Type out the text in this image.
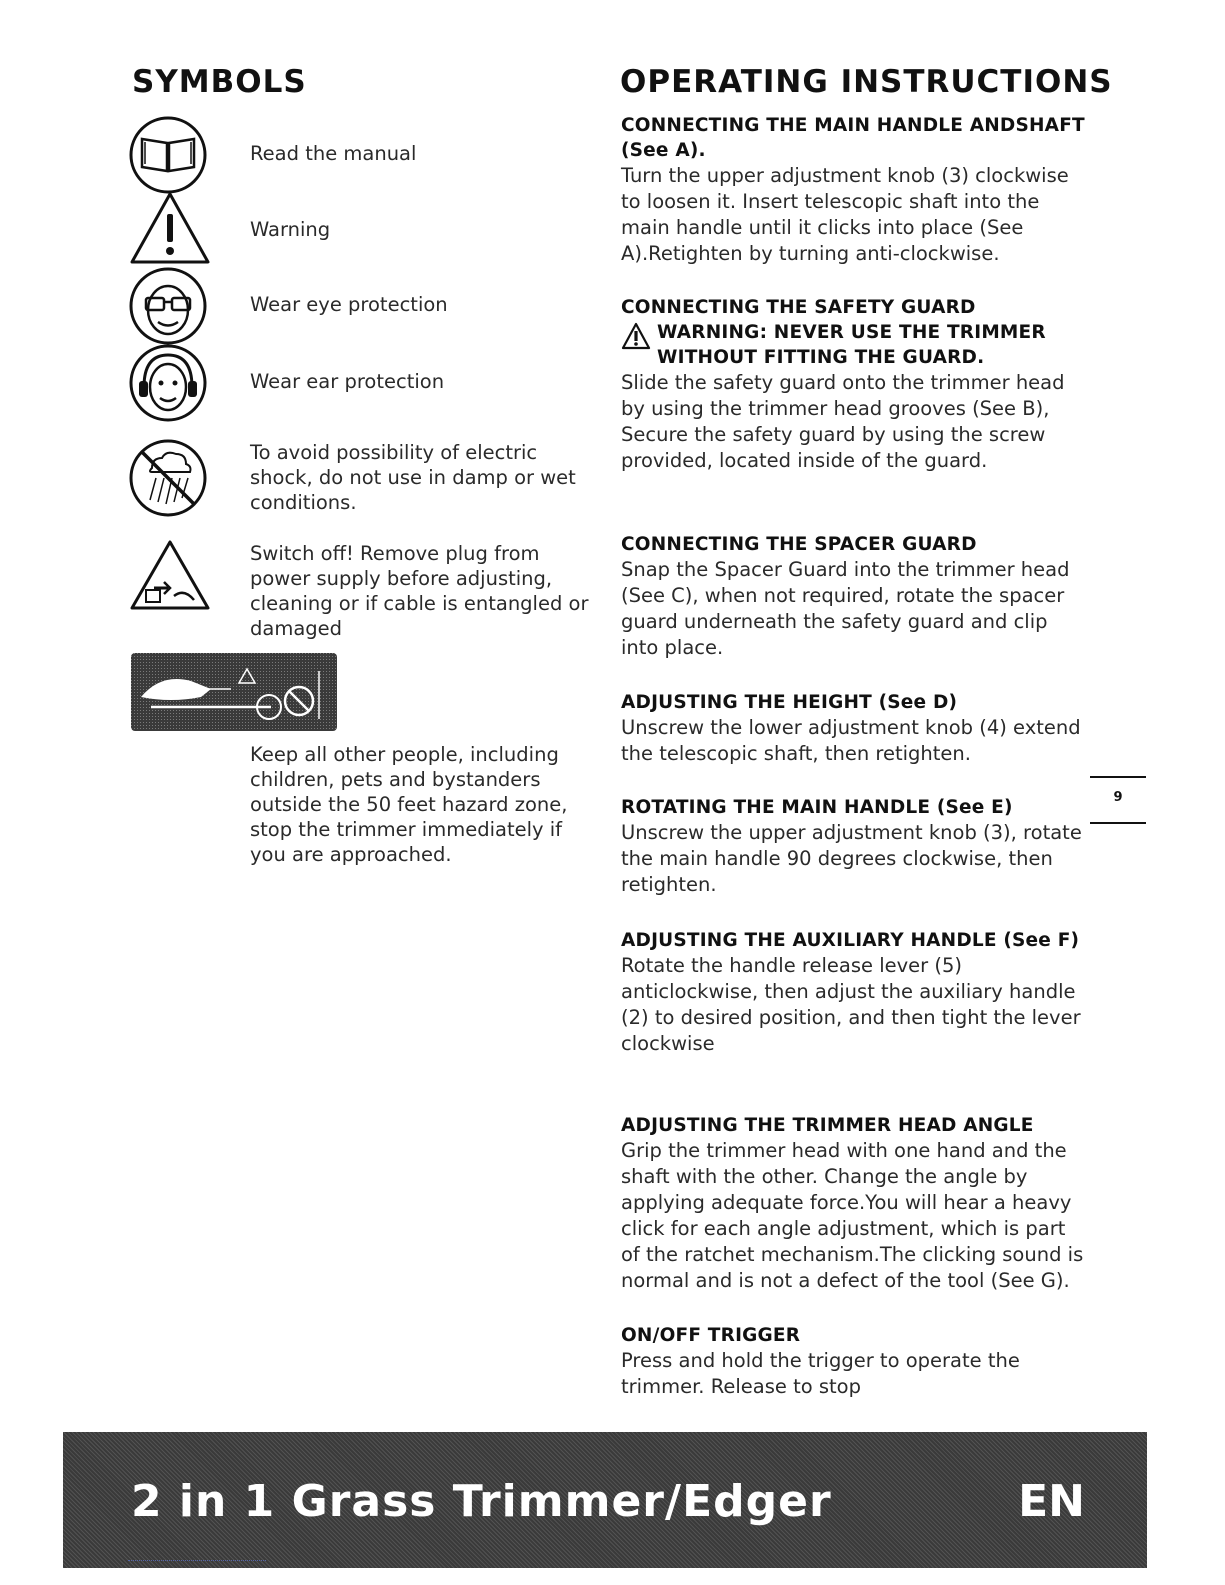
SYMBOLS

Read the manual

Warning

Wear eye protection

Wear ear protection

To avoid possibility of electric shock, do not use in damp or wet conditions.

Switch off! Remove plug from power supply before adjusting, cleaning or if cable is entangled or damaged

Keep all other people, including children, pets and bystanders outside the 50 feet hazard zone, stop the trimmer immediately if you are approached.

OPERATING INSTRUCTIONS
CONNECTING THE MAIN HANDLE ANDSHAFT (See A).
Turn the upper adjustment knob (3) clockwise to loosen it. Insert telescopic shaft into the main handle until it clicks into place (See A).Retighten by turning anti-clockwise.
CONNECTING THE SAFETY GUARD
WARNING: NEVER USE THE TRIMMER WITHOUT FITTING THE GUARD.
Slide the safety guard onto the trimmer head by using the trimmer head grooves (See B), Secure the safety guard by using the screw provided, located inside of the guard.
CONNECTING THE SPACER GUARD
Snap the Spacer Guard into the trimmer head (See C), when not required, rotate the spacer guard underneath the safety guard and clip into place.
ADJUSTING THE HEIGHT (See D)
Unscrew the lower adjustment knob (4) extend the telescopic shaft, then retighten.
ROTATING THE MAIN HANDLE (See E)
Unscrew the upper adjustment knob (3), rotate the main handle 90 degrees clockwise, then retighten.
ADJUSTING THE AUXILIARY HANDLE (See F)
Rotate the handle release lever (5) anticlockwise, then adjust the auxiliary handle (2) to desired position, and then tight the lever clockwise
ADJUSTING THE TRIMMER HEAD ANGLE
Grip the trimmer head with one hand and the shaft with the other. Change the angle by applying adequate force.You will hear a heavy click for each angle adjustment, which is part of the ratchet mechanism.The clicking sound is normal and is not a defect of the tool (See G).
ON/OFF TRIGGER
Press and hold the trigger to operate the trimmer. Release to stop
9
2 in 1 Grass Trimmer/Edger	EN
